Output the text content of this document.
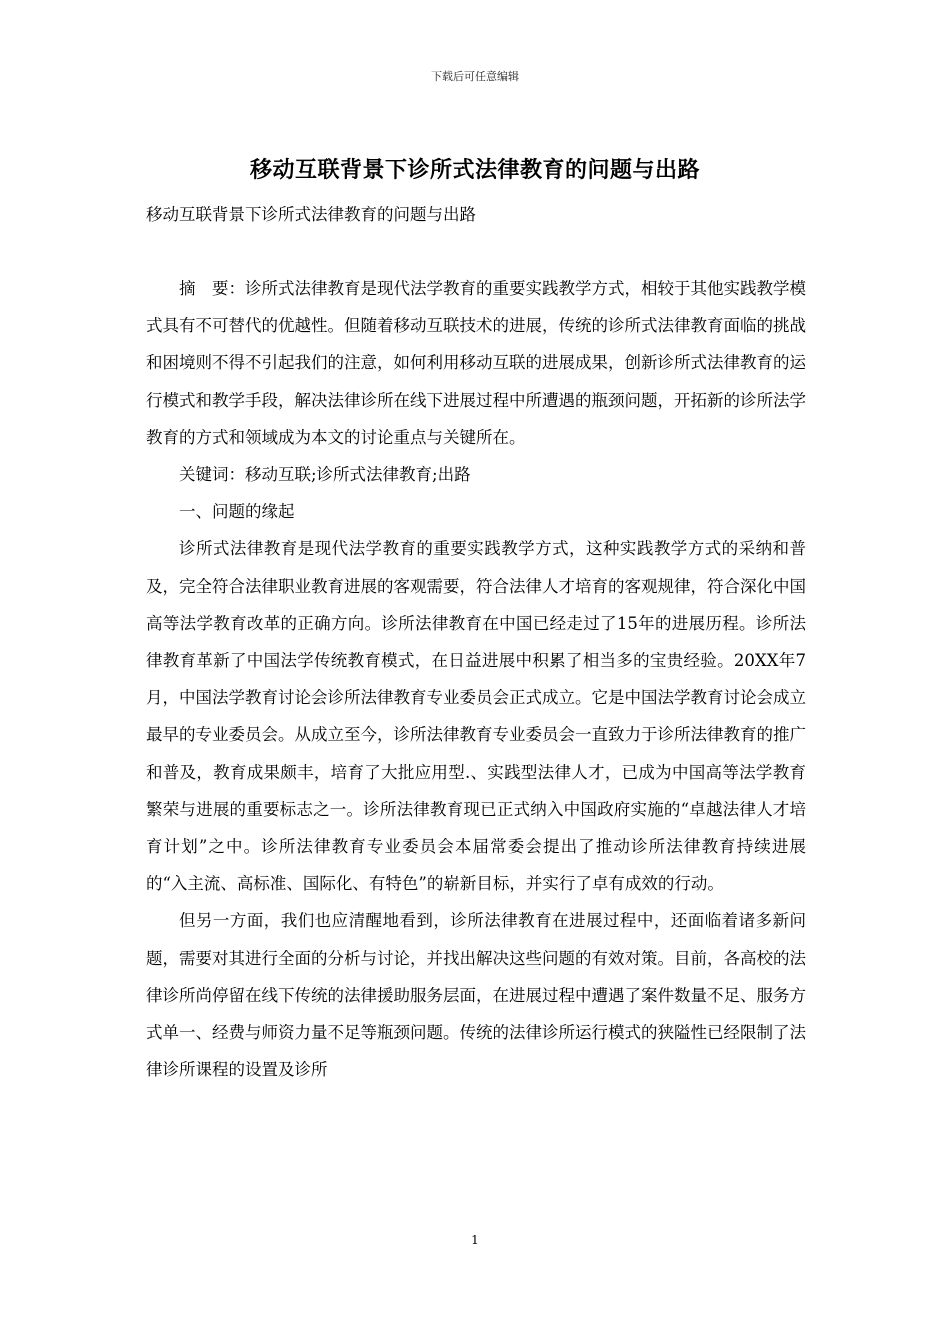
下载后可任意编辑
移动互联背景下诊所式法律教育的问题与出路
移动互联背景下诊所式法律教育的问题与出路

摘　要：诊所式法律教育是现代法学教育的重要实践教学方式，相较于其他实践教学模式具有不可替代的优越性。但随着移动互联技术的进展，传统的诊所式法律教育面临的挑战和困境则不得不引起我们的注意，如何利用移动互联的进展成果，创新诊所式法律教育的运行模式和教学手段，解决法律诊所在线下进展过程中所遭遇的瓶颈问题，开拓新的诊所法学教育的方式和领域成为本文的讨论重点与关键所在。

关键词：移动互联;诊所式法律教育;出路

一、问题的缘起

诊所式法律教育是现代法学教育的重要实践教学方式，这种实践教学方式的采纳和普及，完全符合法律职业教育进展的客观需要，符合法律人才培育的客观规律，符合深化中国高等法学教育改革的正确方向。诊所法律教育在中国已经走过了15年的进展历程。诊所法律教育革新了中国法学传统教育模式，在日益进展中积累了相当多的宝贵经验。20XX年7月，中国法学教育讨论会诊所法律教育专业委员会正式成立。它是中国法学教育讨论会成立最早的专业委员会。从成立至今，诊所法律教育专业委员会一直致力于诊所法律教育的推广和普及，教育成果颇丰，培育了大批应用型.、实践型法律人才，已成为中国高等法学教育繁荣与进展的重要标志之一。诊所法律教育现已正式纳入中国政府实施的“卓越法律人才培育计划”之中。诊所法律教育专业委员会本届常委会提出了推动诊所法律教育持续进展的“入主流、高标准、国际化、有特色”的崭新目标，并实行了卓有成效的行动。

但另一方面，我们也应清醒地看到，诊所法律教育在进展过程中，还面临着诸多新问题，需要对其进行全面的分析与讨论，并找出解决这些问题的有效对策。目前，各高校的法律诊所尚停留在线下传统的法律援助服务层面，在进展过程中遭遇了案件数量不足、服务方式单一、经费与师资力量不足等瓶颈问题。传统的法律诊所运行模式的狭隘性已经限制了法律诊所课程的设置及诊所

1
